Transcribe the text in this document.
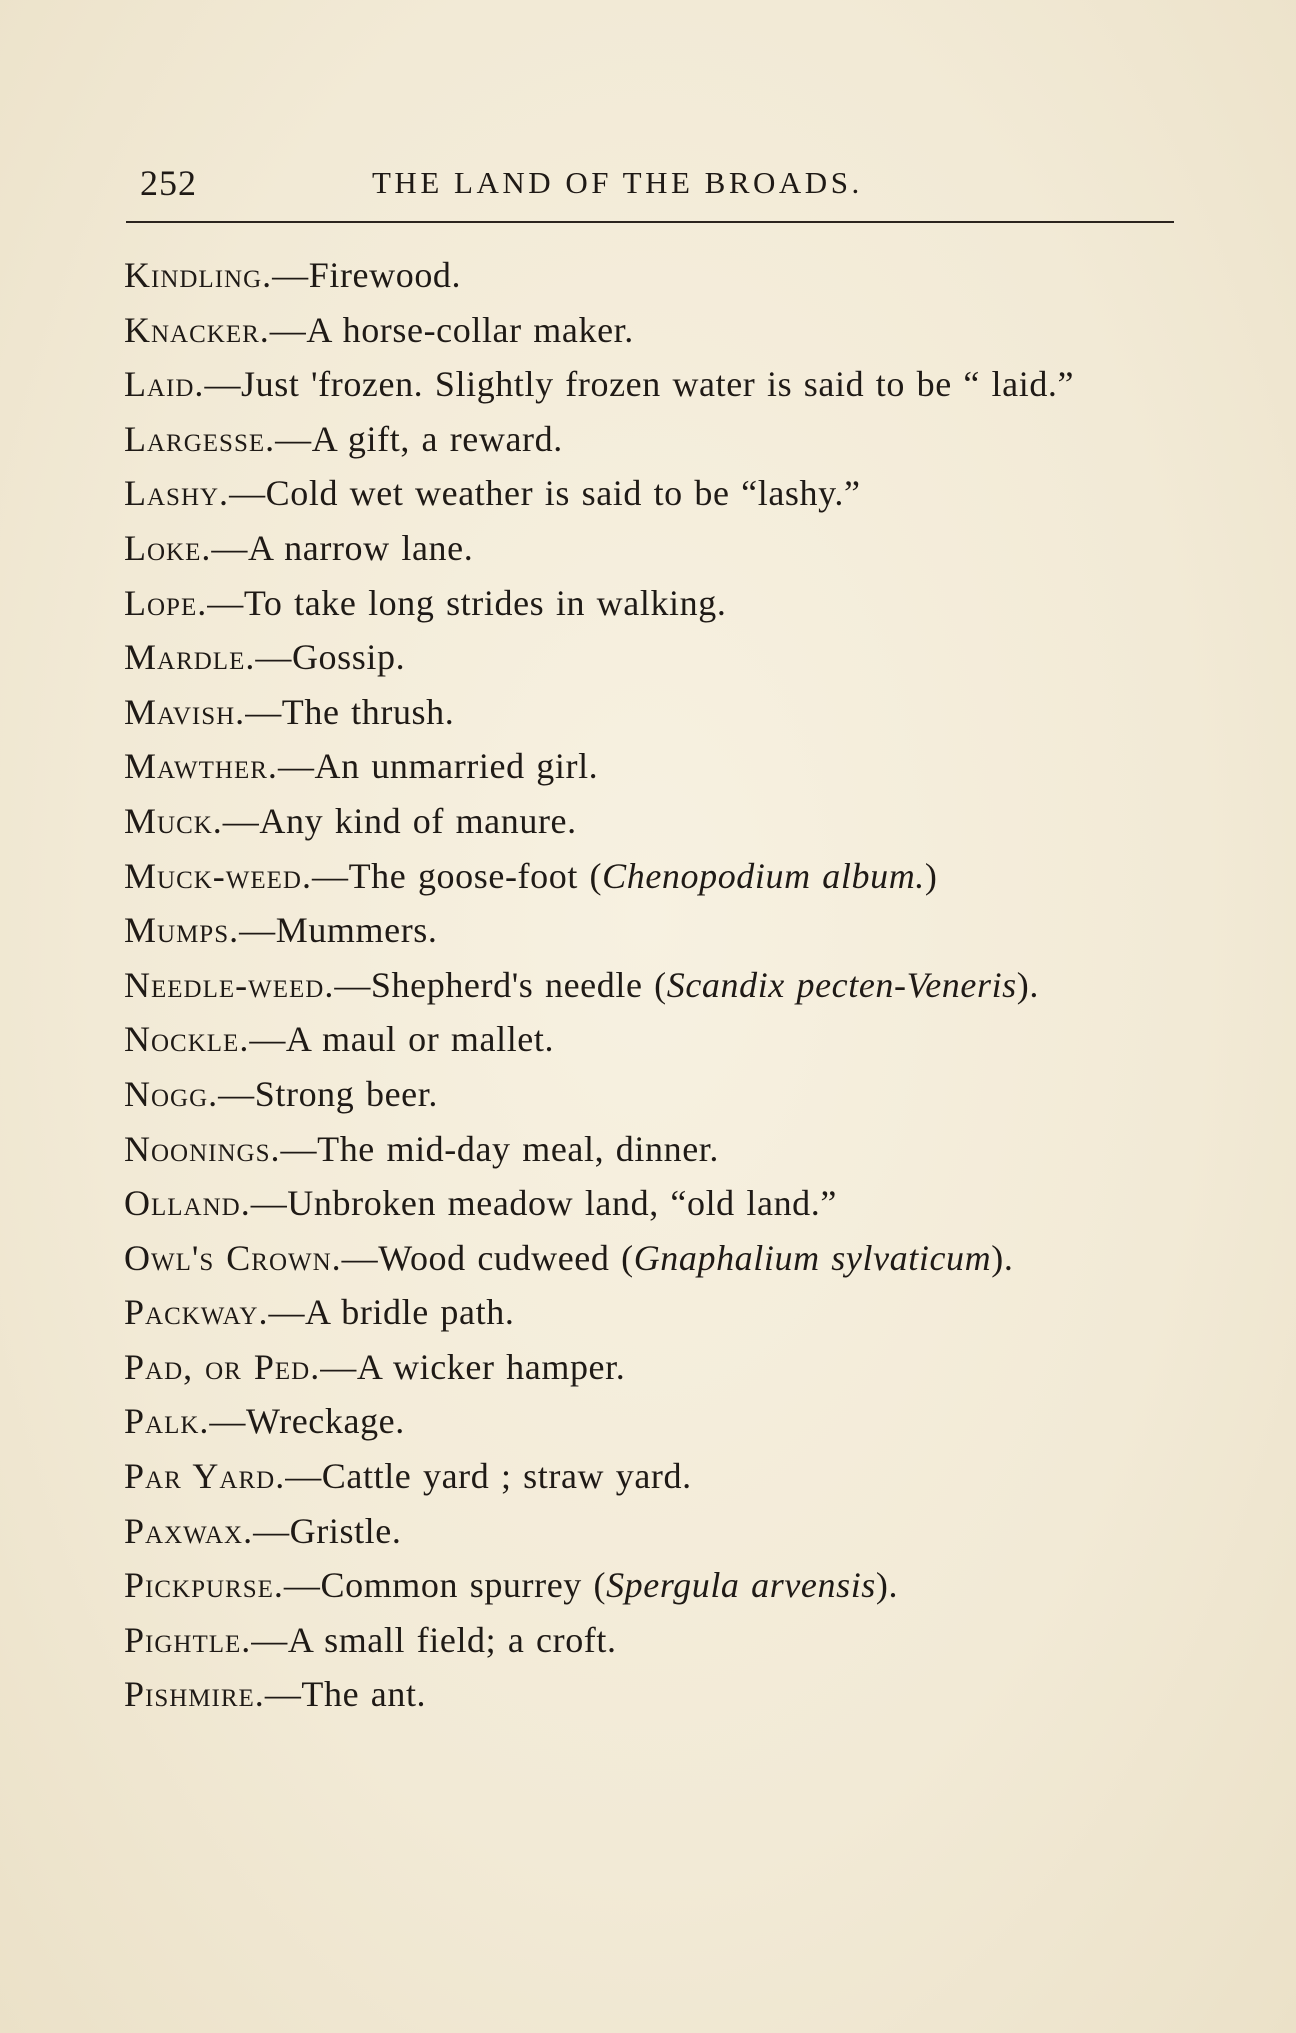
252	THE LAND OF THE BROADS.
Kindling.—Firewood.
Knacker.—A horse-collar maker.
Laid.—Just 'frozen. Slightly frozen water is said to be “ laid.”
Largesse.—A gift, a reward.
Lashy.—Cold wet weather is said to be “lashy.”
Loke.—A narrow lane.
Lope.—To take long strides in walking.
Mardle.—Gossip.
Mavish.—The thrush.
Mawther.—An unmarried girl.
Muck.—Any kind of manure.
Muck-weed.—The goose-foot (Chenopodium album.)
Mumps.—Mummers.
Needle-weed.—Shepherd's needle (Scandix pecten-Veneris).
Nockle.—A maul or mallet.
Nogg.—Strong beer.
Noonings.—The mid-day meal, dinner.
Olland.—Unbroken meadow land, “old land.”
Owl's Crown.—Wood cudweed (Gnaphalium sylvaticum).
Packway.—A bridle path.
Pad, or Ped.—A wicker hamper.
Palk.—Wreckage.
Par Yard.—Cattle yard ; straw yard.
Paxwax.—Gristle.
Pickpurse.—Common spurrey (Spergula arvensis).
Pightle.—A small field; a croft.
Pishmire.—The ant.
